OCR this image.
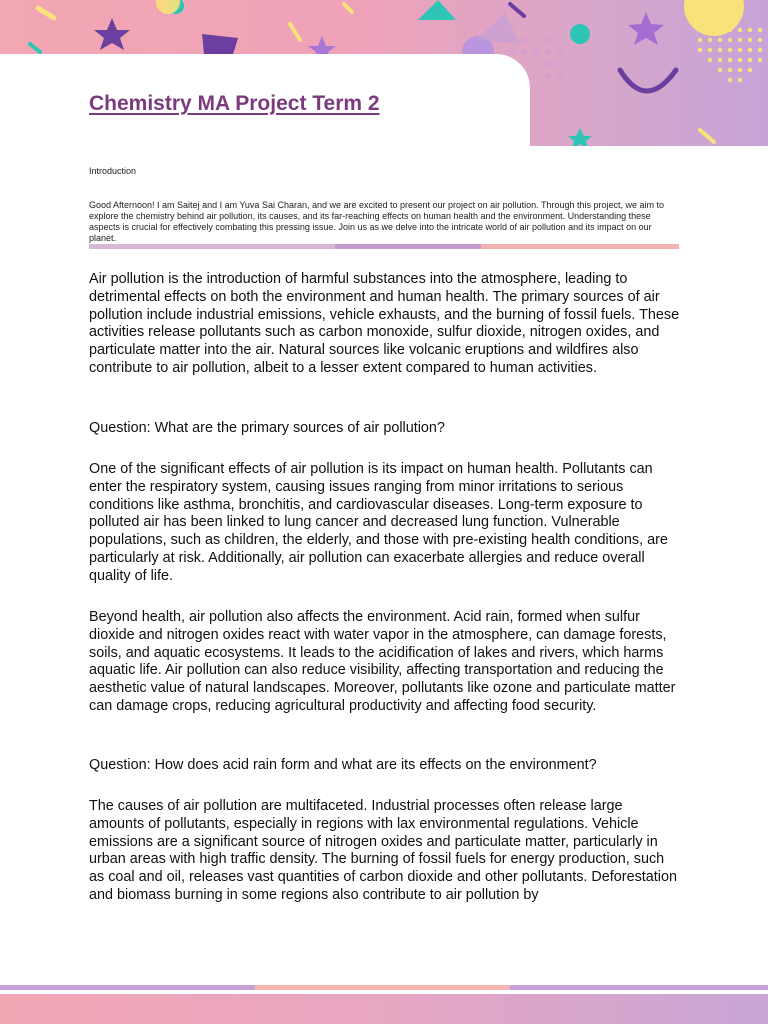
Chemistry MA Project Term 2
Introduction
Good Afternoon! I am Saitej and I am Yuva Sai Charan, and we are excited to present our project on air pollution. Through this project, we aim to explore the chemistry behind air pollution, its causes, and its far-reaching effects on human health and the environment. Understanding these aspects is crucial for effectively combating this pressing issue. Join us as we delve into the intricate world of air pollution and its impact on our planet.

Air pollution is the introduction of harmful substances into the atmosphere, leading to detrimental effects on both the environment and human health. The primary sources of air pollution include industrial emissions, vehicle exhausts, and the burning of fossil fuels. These activities release pollutants such as carbon monoxide, sulfur dioxide, nitrogen oxides, and particulate matter into the air. Natural sources like volcanic eruptions and wildfires also contribute to air pollution, albeit to a lesser extent compared to human activities.

Question: What are the primary sources of air pollution?

One of the significant effects of air pollution is its impact on human health. Pollutants can enter the respiratory system, causing issues ranging from minor irritations to serious conditions like asthma, bronchitis, and cardiovascular diseases. Long-term exposure to polluted air has been linked to lung cancer and decreased lung function. Vulnerable populations, such as children, the elderly, and those with pre-existing health conditions, are particularly at risk. Additionally, air pollution can exacerbate allergies and reduce overall quality of life.

Beyond health, air pollution also affects the environment. Acid rain, formed when sulfur dioxide and nitrogen oxides react with water vapor in the atmosphere, can damage forests, soils, and aquatic ecosystems. It leads to the acidification of lakes and rivers, which harms aquatic life. Air pollution can also reduce visibility, affecting transportation and reducing the aesthetic value of natural landscapes. Moreover, pollutants like ozone and particulate matter can damage crops, reducing agricultural productivity and affecting food security.

Question: How does acid rain form and what are its effects on the environment?

The causes of air pollution are multifaceted. Industrial processes often release large amounts of pollutants, especially in regions with lax environmental regulations. Vehicle emissions are a significant source of nitrogen oxides and particulate matter, particularly in urban areas with high traffic density. The burning of fossil fuels for energy production, such as coal and oil, releases vast quantities of carbon dioxide and other pollutants. Deforestation and biomass burning in some regions also contribute to air pollution by
